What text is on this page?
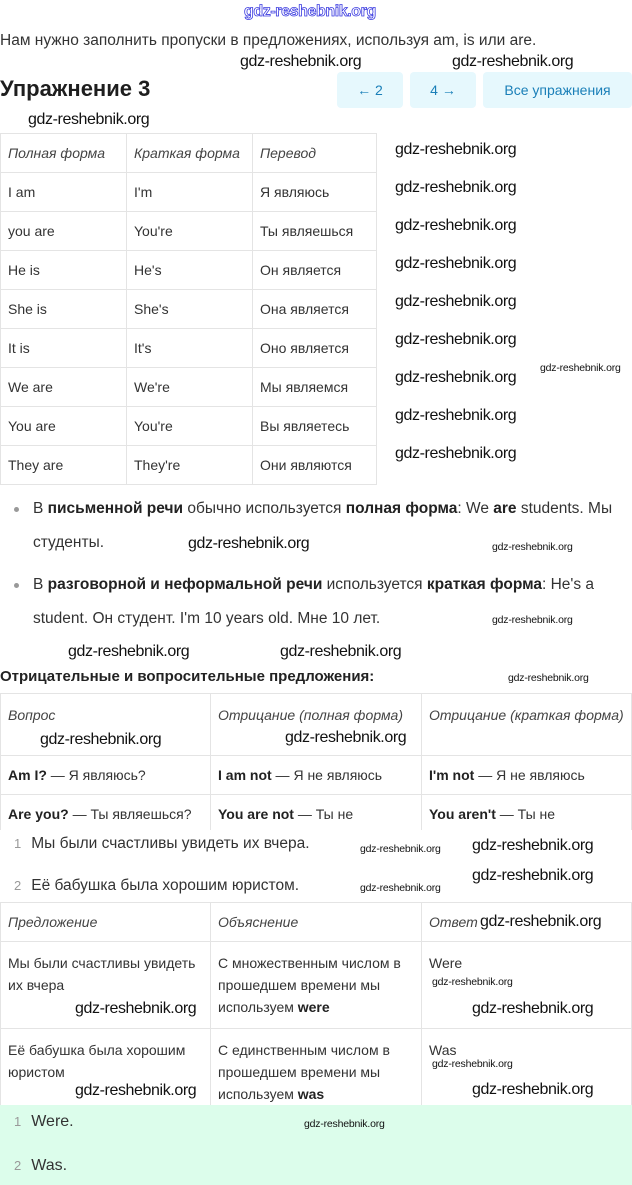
Нам нужно заполнить пропуски в предложениях, используя am, is или are.
Упражнение 3	← 2	4 →	Все упражнения
Полная форма	Краткая форма	Перевод
I am	I'm	Я являюсь
you are	You're	Ты являешься
He is	He's	Он является
She is	She's	Она является
It is	It's	Оно является
We are	We're	Мы являемся
You are	You're	Вы являетесь
They are	They're	Они являются
В письменной речи обычно используется полная форма: We are students. Мы студенты.
В разговорной и неформальной речи используется краткая форма: He's a student. Он студент. I'm 10 years old. Мне 10 лет.
Отрицательные и вопросительные предложения:
Вопрос	Отрицание (полная форма)	Отрицание (краткая форма)
Am I? — Я являюсь?	I am not — Я не являюсь	I'm not — Я не являюсь
Are you? — Ты являешься?	You are not — Ты не	You aren't — Ты не
1 Мы были счастливы увидеть их вчера.
2 Её бабушка была хорошим юристом.
Предложение	Объяснение	Ответ
Мы были счастливы увидеть их вчера	С множественным числом в прошедшем времени мы используем were	Were
Её бабушка была хорошим юристом	С единственным числом в прошедшем времени мы используем was	Was
1 Were.
2 Was.
gdz-reshebnik.org
gdz-reshebnik.org	gdz-reshebnik.org
gdz-reshebnik.org
gdz-reshebnik.org
gdz-reshebnik.org
gdz-reshebnik.org
gdz-reshebnik.org
gdz-reshebnik.org
gdz-reshebnik.org
gdz-reshebnik.org
gdz-reshebnik.org
gdz-reshebnik.org
gdz-reshebnik.org
gdz-reshebnik.org	gdz-reshebnik.org
gdz-reshebnik.org
gdz-reshebnik.org
gdz-reshebnik.org
gdz-reshebnik.org
gdz-reshebnik.org
gdz-reshebnik.org
gdz-reshebnik.org
gdz-reshebnik.org
gdz-reshebnik.org
gdz-reshebnik.org
gdz-reshebnik.org
gdz-reshebnik.org
gdz-reshebnik.org	gdz-reshebnik.org
gdz-reshebnik.org
gdz-reshebnik.org	gdz-reshebnik.org
gdz-reshebnik.org
